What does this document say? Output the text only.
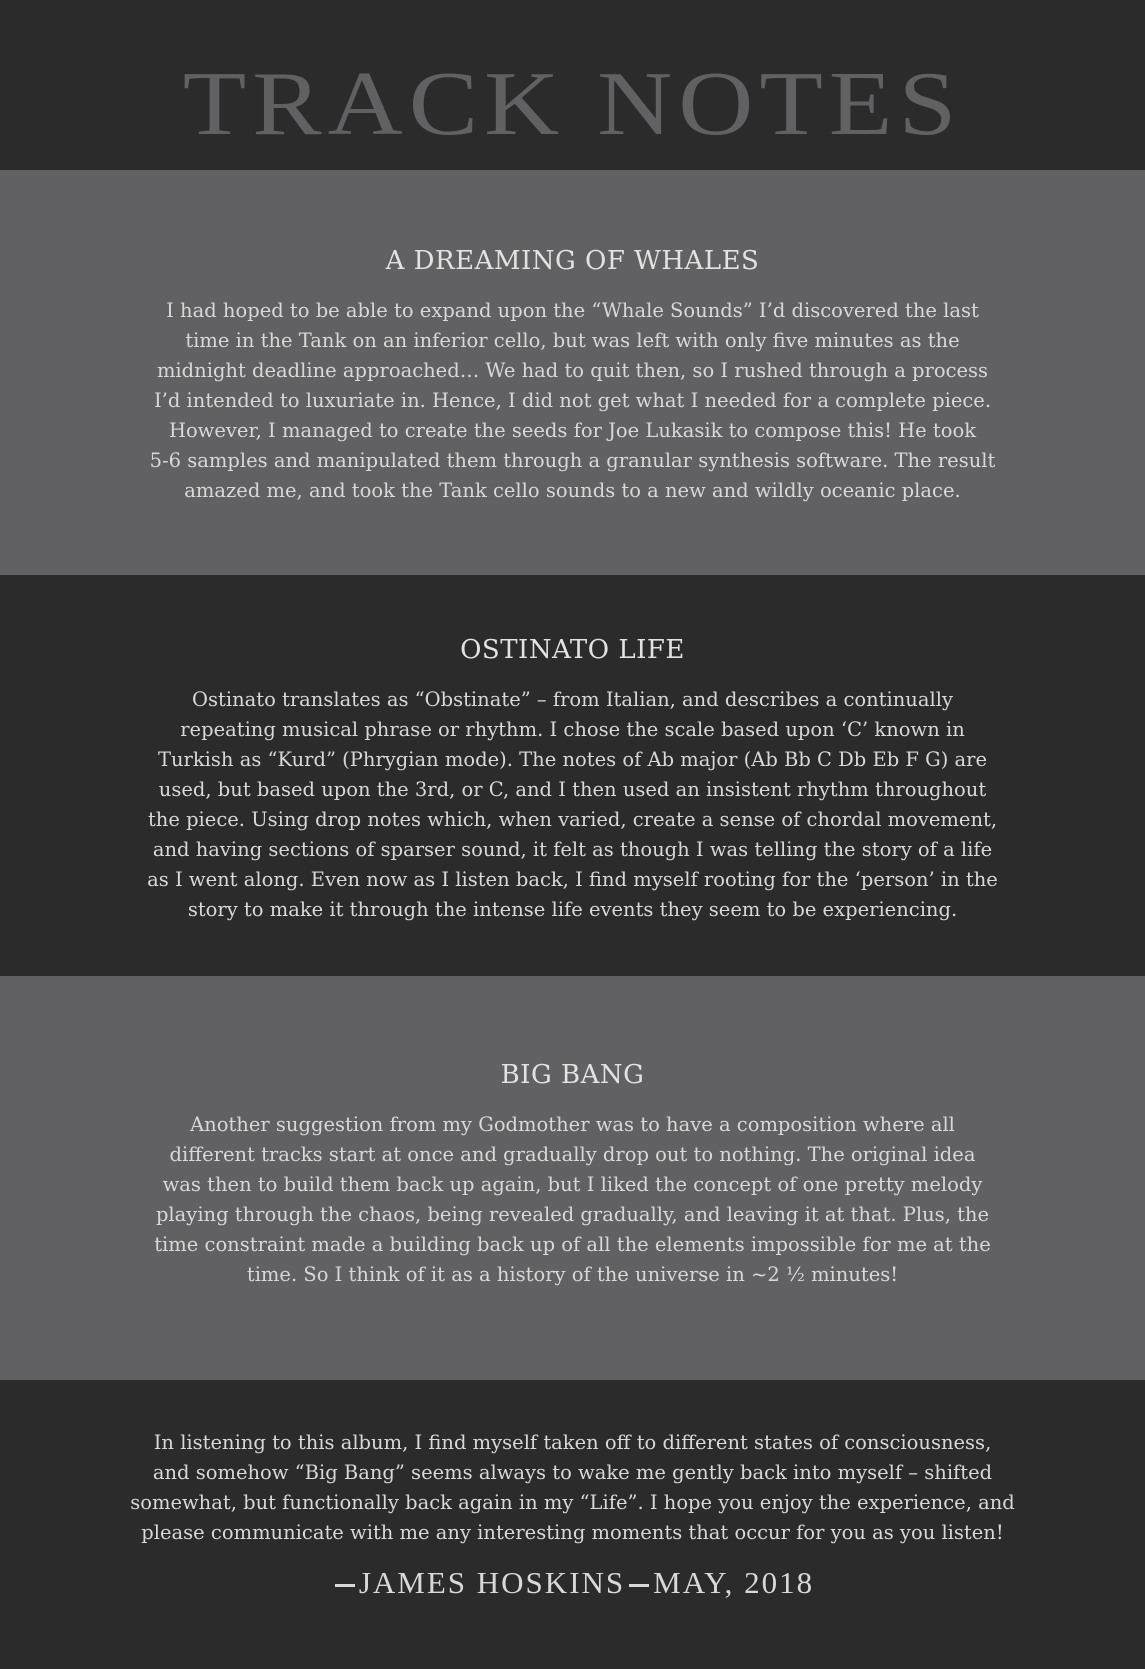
TRACK NOTES
A DREAMING OF WHALES

I had hoped to be able to expand upon the “Whale Sounds” I’d discovered the last
time in the Tank on an inferior cello, but was left with only five minutes as the
midnight deadline approached… We had to quit then, so I rushed through a process
I’d intended to luxuriate in. Hence, I did not get what I needed for a complete piece.
However, I managed to create the seeds for Joe Lukasik to compose this! He took
5-6 samples and manipulated them through a granular synthesis software. The result
amazed me, and took the Tank cello sounds to a new and wildly oceanic place.

OSTINATO LIFE

Ostinato translates as “Obstinate” – from Italian, and describes a continually
repeating musical phrase or rhythm. I chose the scale based upon ‘C’ known in
Turkish as “Kurd” (Phrygian mode). The notes of Ab major (Ab Bb C Db Eb F G) are
used, but based upon the 3rd, or C, and I then used an insistent rhythm throughout
the piece. Using drop notes which, when varied, create a sense of chordal movement,
and having sections of sparser sound, it felt as though I was telling the story of a life
as I went along. Even now as I listen back, I find myself rooting for the ‘person’ in the
story to make it through the intense life events they seem to be experiencing.

BIG BANG

Another suggestion from my Godmother was to have a composition where all
different tracks start at once and gradually drop out to nothing. The original idea
was then to build them back up again, but I liked the concept of one pretty melody
playing through the chaos, being revealed gradually, and leaving it at that. Plus, the
time constraint made a building back up of all the elements impossible for me at the
time. So I think of it as a history of the universe in ~2 ½ minutes!

In listening to this album, I find myself taken off to different states of consciousness,
and somehow “Big Bang” seems always to wake me gently back into myself – shifted
somewhat, but functionally back again in my “Life”. I hope you enjoy the experience, and
please communicate with me any interesting moments that occur for you as you listen!

JAMES HOSKINS MAY, 2018
